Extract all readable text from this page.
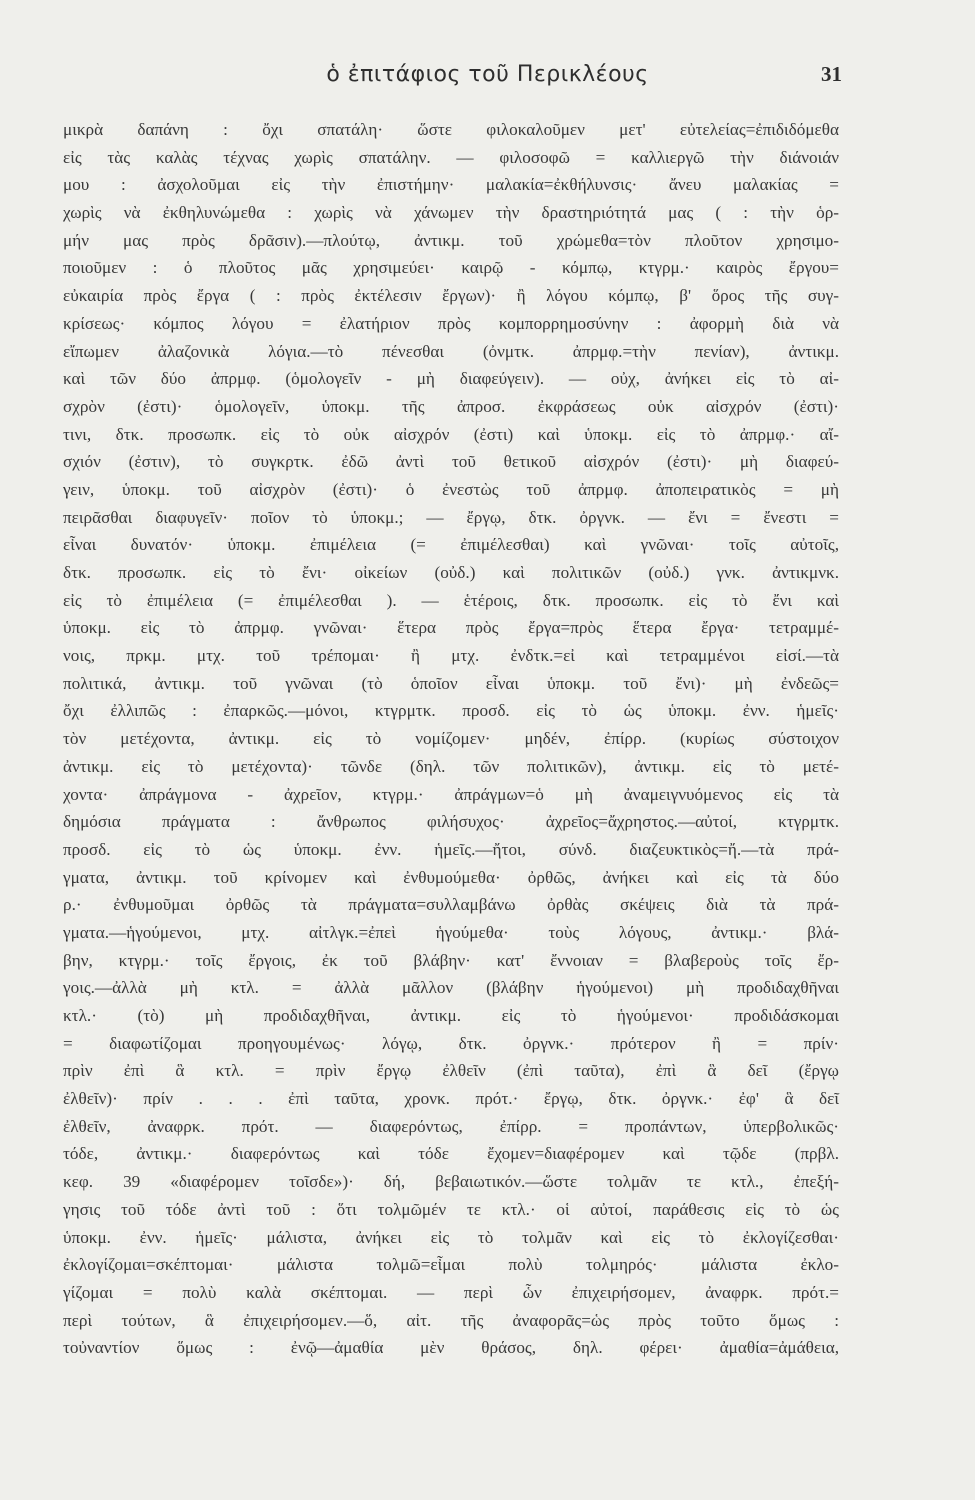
ὁ ἐπιτάφιος τοῦ Περικλέους	31
μικρὰ δαπάνη : ὄχι σπατάλη· ὥστε φιλοκαλοῦμεν μετ' εὐτελείας=ἐπιδιδόμεθα
εἰς τὰς καλὰς τέχνας χωρὶς σπατάλην. — φιλοσοφῶ = καλλιεργῶ τὴν διάνοιάν
μου : ἀσχολοῦμαι εἰς τὴν ἐπιστήμην· μαλακία=ἐκθήλυνσις· ἄνευ μαλακίας =
χωρὶς νὰ ἐκθηλυνώμεθα : χωρὶς νὰ χάνωμεν τὴν δραστηριότητά μας ( : τὴν ὁρ-
μήν μας πρὸς δρᾶσιν).—πλούτῳ, ἀντικμ. τοῦ χρώμεθα=τὸν πλοῦτον χρησιμο-
ποιοῦμεν : ὁ πλοῦτος μᾶς χρησιμεύει· καιρῷ - κόμπῳ, κτγρμ.· καιρὸς ἔργου=
εὐκαιρία πρὸς ἔργα ( : πρὸς ἐκτέλεσιν ἔργων)· ἢ λόγου κόμπῳ, β' ὅρος τῆς συγ-
κρίσεως· κόμπος λόγου = ἐλατήριον πρὸς κομπορρημοσύνην : ἀφορμὴ διὰ νὰ
εἴπωμεν ἀλαζονικὰ λόγια.—τὸ πένεσθαι (ὀνμτκ. ἀπρμφ.=τὴν πενίαν), ἀντικμ.
καὶ τῶν δύο ἀπρμφ. (ὁμολογεῖν - μὴ διαφεύγειν). — οὐχ, ἀνήκει εἰς τὸ αἰ-
σχρὸν (ἐστι)· ὁμολογεῖν, ὑποκμ. τῆς ἀπροσ. ἐκφράσεως οὐκ αἰσχρόν (ἐστι)·
τινι, δτκ. προσωπκ. εἰς τὸ οὐκ αἰσχρόν (ἐστι) καὶ ὑποκμ. εἰς τὸ ἀπρμφ.· αἴ-
σχιόν (ἐστιν), τὸ συγκρτκ. ἐδῶ ἀντὶ τοῦ θετικοῦ αἰσχρόν (ἐστι)· μὴ διαφεύ-
γειν, ὑποκμ. τοῦ αἰσχρὸν (ἐστι)· ὁ ἐνεστὼς τοῦ ἀπρμφ. ἀποπειρατικὸς = μὴ
πειρᾶσθαι διαφυγεῖν· ποῖον τὸ ὑποκμ.; — ἔργῳ, δτκ. ὀργνκ. — ἔνι = ἔνεστι =
εἶναι δυνατόν· ὑποκμ. ἐπιμέλεια (= ἐπιμέλεσθαι) καὶ γνῶναι· τοῖς αὐτοῖς,
δτκ. προσωπκ. εἰς τὸ ἔνι· οἰκείων (οὐδ.) καὶ πολιτικῶν (οὐδ.) γνκ. ἀντικμνκ.
εἰς τὸ ἐπιμέλεια (= ἐπιμέλεσθαι ). — ἑτέροις, δτκ. προσωπκ. εἰς τὸ ἔνι καὶ
ὑποκμ. εἰς τὸ ἀπρμφ. γνῶναι· ἕτερα πρὸς ἔργα=πρὸς ἕτερα ἔργα· τετραμμέ-
νοις, πρκμ. μτχ. τοῦ τρέπομαι· ἢ μτχ. ἐνδτκ.=εἰ καὶ τετραμμένοι εἰσί.—τὰ
πολιτικά, ἀντικμ. τοῦ γνῶναι (τὸ ὁποῖον εἶναι ὑποκμ. τοῦ ἔνι)· μὴ ἐνδεῶς=
ὄχι ἐλλιπῶς : ἐπαρκῶς.—μόνοι, κτγρμτκ. προσδ. εἰς τὸ ὡς ὑποκμ. ἐνν. ἡμεῖς·
τὸν μετέχοντα, ἀντικμ. εἰς τὸ νομίζομεν· μηδέν, ἐπίρρ. (κυρίως σύστοιχον
ἀντικμ. εἰς τὸ μετέχοντα)· τῶνδε (δηλ. τῶν πολιτικῶν), ἀντικμ. εἰς τὸ μετέ-
χοντα· ἀπράγμονα - ἀχρεῖον, κτγρμ.· ἀπράγμων=ὁ μὴ ἀναμειγνυόμενος εἰς τὰ
δημόσια πράγματα : ἄνθρωπος φιλήσυχος· ἀχρεῖος=ἄχρηστος.—αὐτοί, κτγρμτκ.
προσδ. εἰς τὸ ὡς ὑποκμ. ἐνν. ἡμεῖς.—ἤτοι, σύνδ. διαζευκτικὸς=ἤ.—τὰ πρά-
γματα, ἀντικμ. τοῦ κρίνομεν καὶ ἐνθυμούμεθα· ὀρθῶς, ἀνήκει καὶ εἰς τὰ δύο
ρ.· ἐνθυμοῦμαι ὀρθῶς τὰ πράγματα=συλλαμβάνω ὀρθὰς σκέψεις διὰ τὰ πρά-
γματα.—ἡγούμενοι, μτχ. αἰτλγκ.=ἐπεὶ ἡγούμεθα· τοὺς λόγους, ἀντικμ.· βλά-
βην, κτγρμ.· τοῖς ἔργοις, ἐκ τοῦ βλάβην· κατ' ἔννοιαν = βλαβεροὺς τοῖς ἔρ-
γοις.—ἀλλὰ μὴ κτλ. = ἀλλὰ μᾶλλον (βλάβην ἡγούμενοι) μὴ προδιδαχθῆναι
κτλ.· (τὸ) μὴ προδιδαχθῆναι, ἀντικμ. εἰς τὸ ἡγούμενοι· προδιδάσκομαι
= διαφωτίζομαι προηγουμένως· λόγῳ, δτκ. ὀργνκ.· πρότερον ἢ = πρίν·
πρὶν ἐπὶ ἃ κτλ. = πρὶν ἔργῳ ἐλθεῖν (ἐπὶ ταῦτα), ἐπὶ ἃ δεῖ (ἔργῳ
ἐλθεῖν)· πρίν . . . ἐπὶ ταῦτα, χρονκ. πρότ.· ἔργῳ, δτκ. ὀργνκ.· ἐφ' ἃ δεῖ
ἐλθεῖν, ἀναφρκ. πρότ. — διαφερόντως, ἐπίρρ. = προπάντων, ὑπερβολικῶς·
τόδε, ἀντικμ.· διαφερόντως καὶ τόδε ἔχομεν=διαφέρομεν καὶ τῷδε (πρβλ.
κεφ. 39 «διαφέρομεν τοῖσδε»)· δή, βεβαιωτικόν.—ὥστε τολμᾶν τε κτλ., ἐπεξή-
γησις τοῦ τόδε ἀντὶ τοῦ : ὅτι τολμῶμέν τε κτλ.· οἱ αὐτοί, παράθεσις εἰς τὸ ὡς
ὑποκμ. ἐνν. ἡμεῖς· μάλιστα, ἀνήκει εἰς τὸ τολμᾶν καὶ εἰς τὸ ἐκλογίζεσθαι·
ἐκλογίζομαι=σκέπτομαι· μάλιστα τολμῶ=εἶμαι πολὺ τολμηρός· μάλιστα ἐκλο-
γίζομαι = πολὺ καλὰ σκέπτομαι. — περὶ ὧν ἐπιχειρήσομεν, ἀναφρκ. πρότ.=
περὶ τούτων, ἃ ἐπιχειρήσομεν.—ὅ, αἰτ. τῆς ἀναφορᾶς=ὡς πρὸς τοῦτο ὅμως :
τοὐναντίον ὅμως : ἐνῷ—ἀμαθία μὲν θράσος, δηλ. φέρει· ἀμαθία=ἀμάθεια,
